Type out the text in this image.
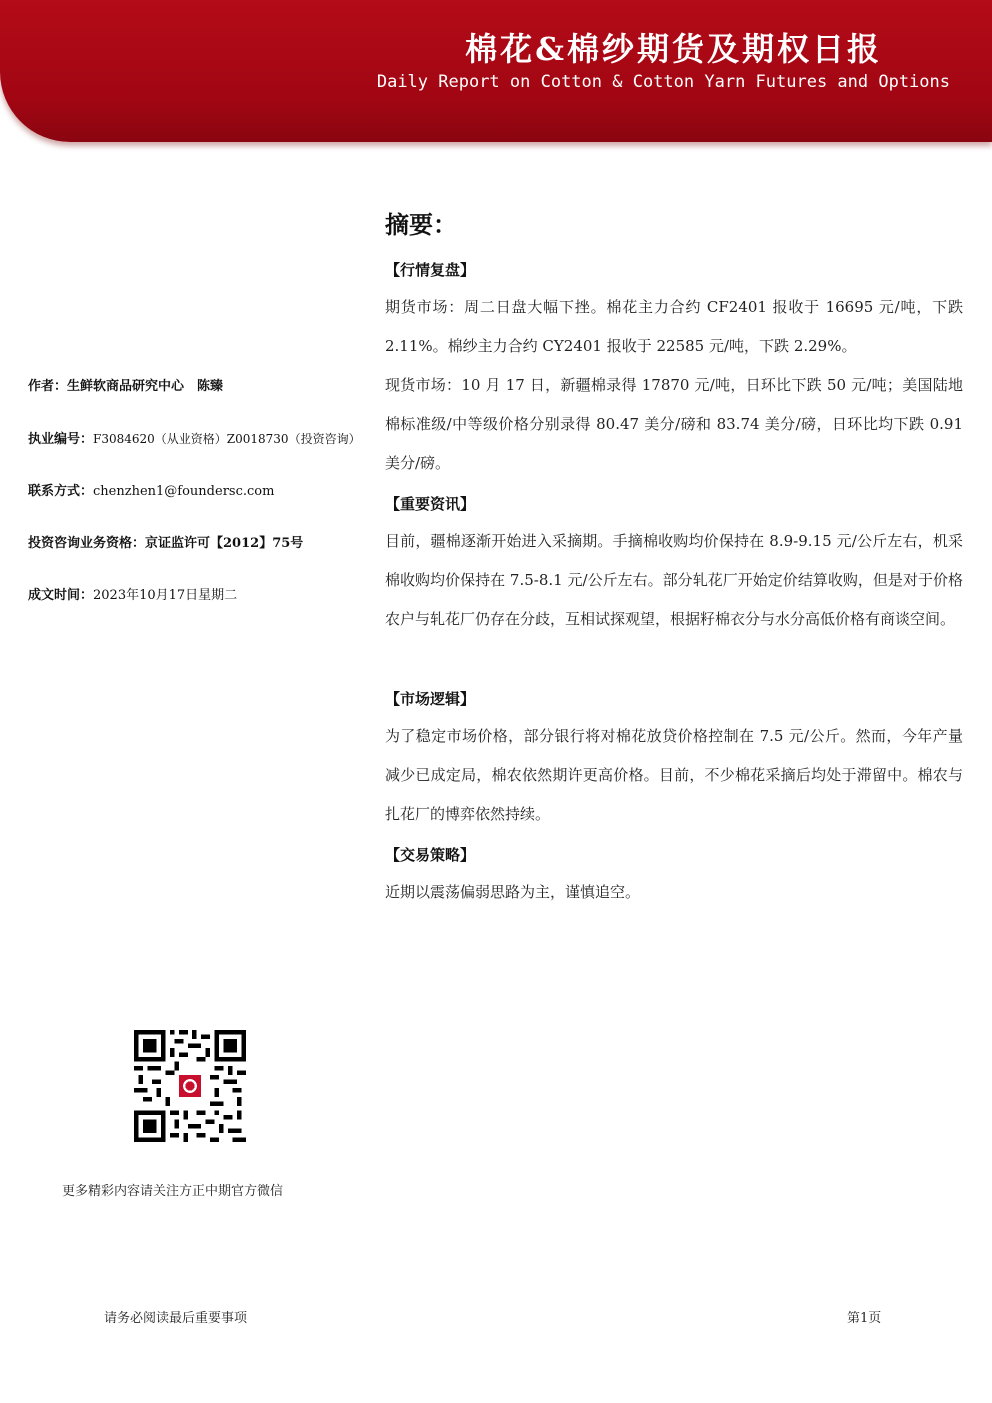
棉花&棉纱期货及期权日报
Daily Report on Cotton & Cotton Yarn Futures and Options
作者：生鲜软商品研究中心　陈臻
执业编号：F3084620（从业资格）Z0018730（投资咨询）
联系方式：chenzhen1@foundersc.com
投资咨询业务资格：京证监许可【2012】75号
成文时间：2023年10月17日星期二
更多精彩内容请关注方正中期官方微信
摘要：
【行情复盘】
期货市场：周二日盘大幅下挫。棉花主力合约 CF2401 报收于 16695 元/吨，下跌 2.11%。棉纱主力合约 CY2401 报收于 22585 元/吨，下跌 2.29%。
现货市场：10 月 17 日，新疆棉录得 17870 元/吨，日环比下跌 50 元/吨；美国陆地棉标准级/中等级价格分别录得 80.47 美分/磅和 83.74 美分/磅，日环比均下跌 0.91 美分/磅。
【重要资讯】
目前，疆棉逐渐开始进入采摘期。手摘棉收购均价保持在 8.9-9.15 元/公斤左右，机采棉收购均价保持在 7.5-8.1 元/公斤左右。部分轧花厂开始定价结算收购，但是对于价格农户与轧花厂仍存在分歧，互相试探观望，根据籽棉衣分与水分高低价格有商谈空间。
【市场逻辑】
为了稳定市场价格，部分银行将对棉花放贷价格控制在 7.5 元/公斤。然而，今年产量减少已成定局，棉农依然期许更高价格。目前，不少棉花采摘后均处于滞留中。棉农与扎花厂的博弈依然持续。
【交易策略】
近期以震荡偏弱思路为主，谨慎追空。
请务必阅读最后重要事项	第1页
